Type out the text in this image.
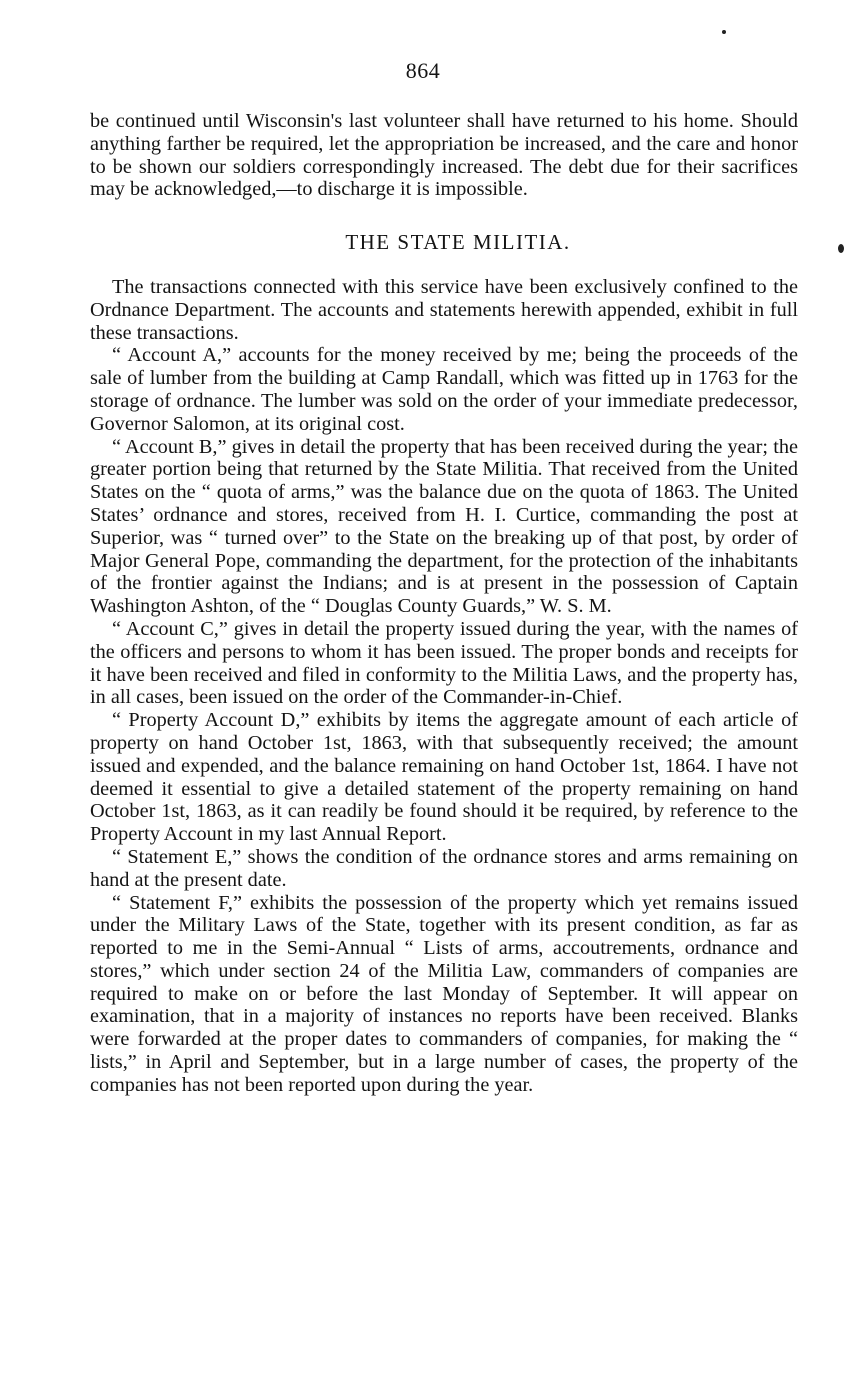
864

be continued until Wisconsin's last volunteer shall have returned to his home. Should anything farther be required, let the appropriation be increased, and the care and honor to be shown our soldiers correspondingly increased. The debt due for their sacrifices may be acknowledged,—to discharge it is impossible.

THE STATE MILITIA.

The transactions connected with this service have been exclusively confined to the Ordnance Department. The accounts and statements herewith appended, exhibit in full these transactions.

“ Account A,” accounts for the money received by me; being the proceeds of the sale of lumber from the building at Camp Randall, which was fitted up in 1763 for the storage of ordnance. The lumber was sold on the order of your immediate predecessor, Governor Salomon, at its original cost.

“ Account B,” gives in detail the property that has been received during the year; the greater portion being that returned by the State Militia. That received from the United States on the “ quota of arms,” was the balance due on the quota of 1863. The United States’ ordnance and stores, received from H. I. Curtice, commanding the post at Superior, was “ turned over” to the State on the breaking up of that post, by order of Major General Pope, commanding the department, for the protection of the inhabitants of the frontier against the Indians; and is at present in the possession of Captain Washington Ashton, of the “ Douglas County Guards,” W. S. M.

“ Account C,” gives in detail the property issued during the year, with the names of the officers and persons to whom it has been issued. The proper bonds and receipts for it have been received and filed in conformity to the Militia Laws, and the property has, in all cases, been issued on the order of the Commander-in-Chief.

“ Property Account D,” exhibits by items the aggregate amount of each article of property on hand October 1st, 1863, with that subsequently received; the amount issued and expended, and the balance remaining on hand October 1st, 1864. I have not deemed it essential to give a detailed statement of the property remaining on hand October 1st, 1863, as it can readily be found should it be required, by reference to the Property Account in my last Annual Report.

“ Statement E,” shows the condition of the ordnance stores and arms remaining on hand at the present date.

“ Statement F,” exhibits the possession of the property which yet remains issued under the Military Laws of the State, together with its present condition, as far as reported to me in the Semi-Annual “ Lists of arms, accoutrements, ordnance and stores,” which under section 24 of the Militia Law, commanders of companies are required to make on or before the last Monday of September. It will appear on examination, that in a majority of instances no reports have been received. Blanks were forwarded at the proper dates to commanders of companies, for making the “ lists,” in April and September, but in a large number of cases, the property of the companies has not been reported upon during the year.
